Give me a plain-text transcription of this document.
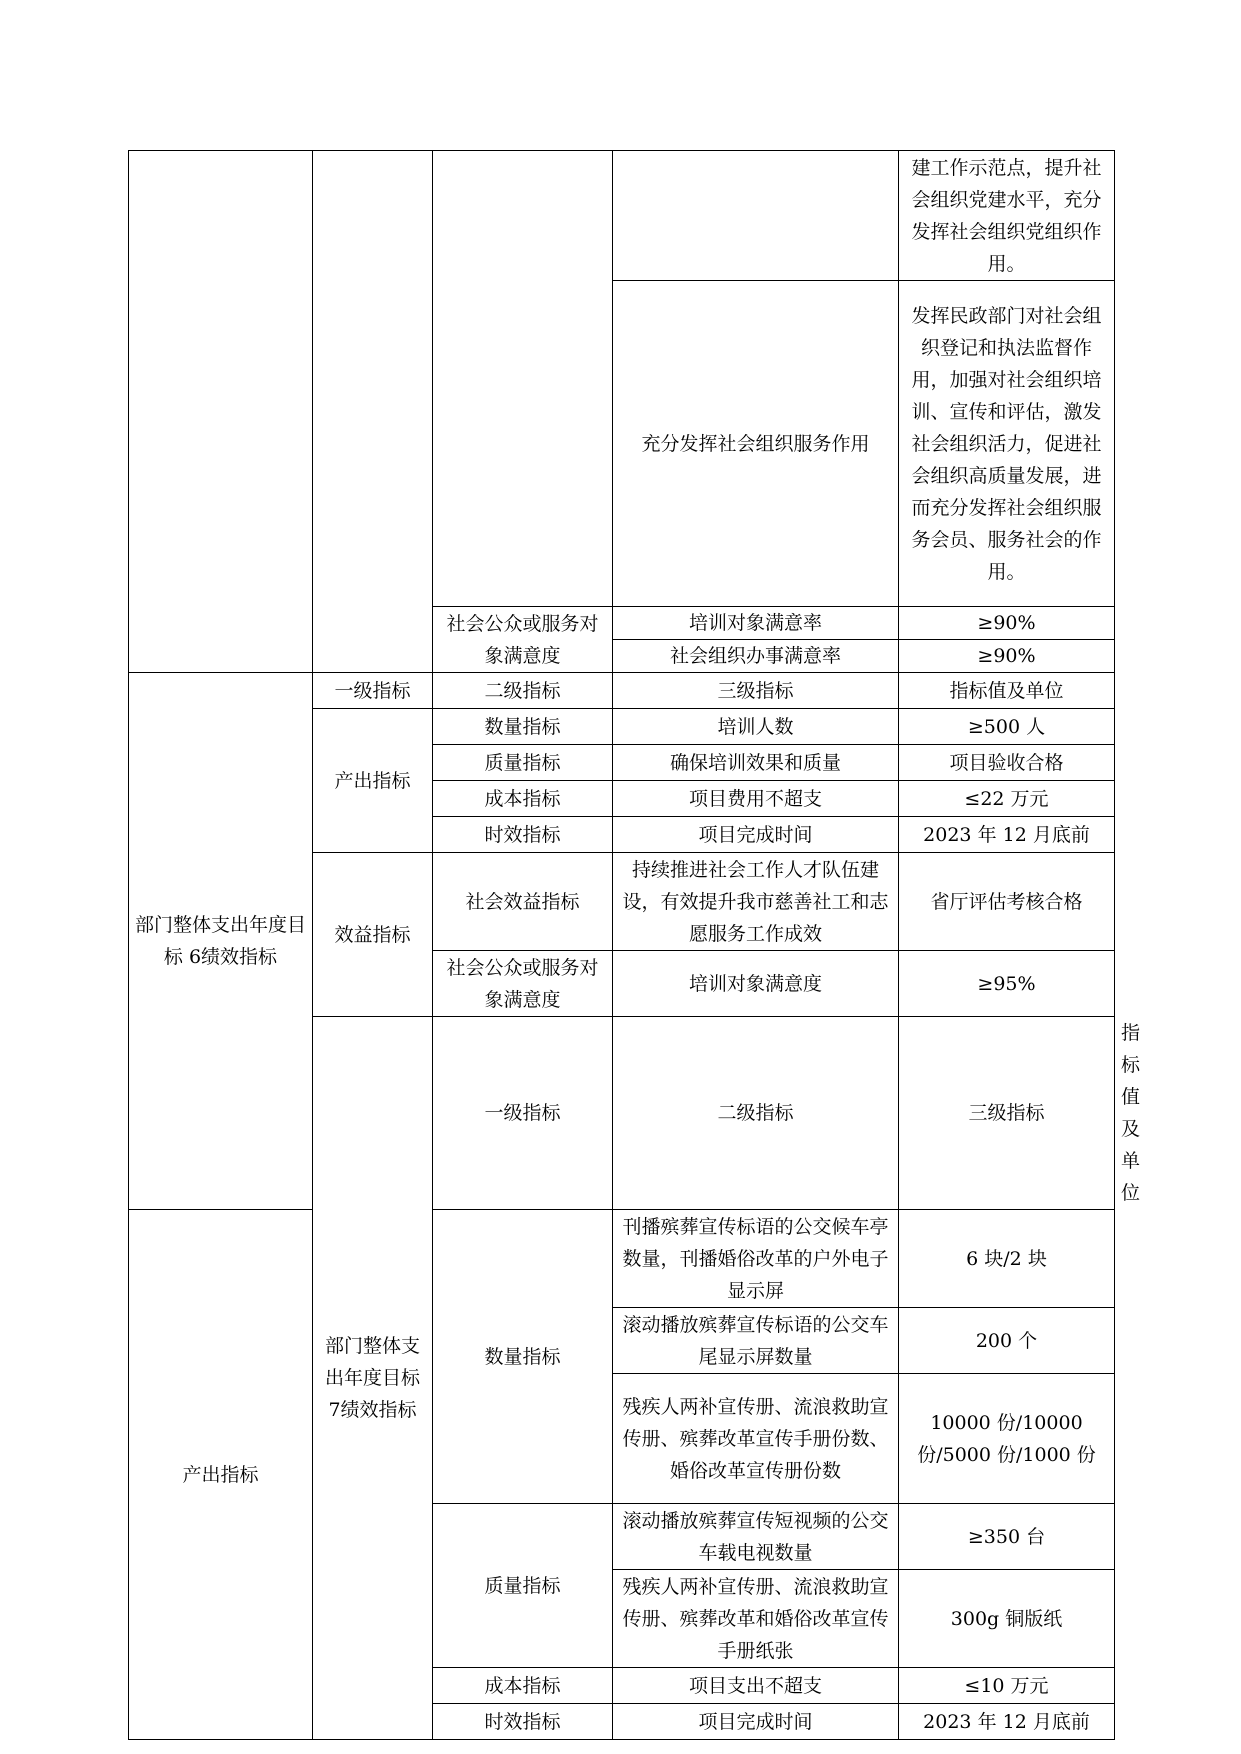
				建工作示范点，提升社会组织党建水平，充分发挥社会组织党组织作用。	
			充分发挥社会组织服务作用	发挥民政部门对社会组织登记和执法监督作用，加强对社会组织培训、宣传和评估，激发社会组织活力，促进社会组织高质量发展，进而充分发挥社会组织服务会员、服务社会的作用。	
		社会公众或服务对象满意度	培训对象满意率	≥90%	
			社会组织办事满意率	≥90%	
部门整体支出年度目标 6绩效指标	一级指标	二级指标	三级指标	指标值及单位	
	产出指标	数量指标	培训人数	≥500 人	
		质量指标	确保培训效果和质量	项目验收合格	
		成本指标	项目费用不超支	≤22 万元	
		时效指标	项目完成时间	2023 年 12 月底前	
	效益指标	社会效益指标	持续推进社会工作人才队伍建设，有效提升我市慈善社工和志愿服务工作成效	省厅评估考核合格	
		社会公众或服务对象满意度	培训对象满意度	≥95%	
	部门整体支出年度目标 7绩效指标	一级指标	二级指标	三级指标	指标值及单位
产出指标		数量指标	刊播殡葬宣传标语的公交候车亭数量，刊播婚俗改革的户外电子显示屏	6 块/2 块	
			滚动播放殡葬宣传标语的公交车尾显示屏数量	200 个	
			残疾人两补宣传册、流浪救助宣传册、殡葬改革宣传手册份数、婚俗改革宣传册份数	10000 份/10000 份/5000 份/1000 份	
		质量指标	滚动播放殡葬宣传短视频的公交车载电视数量	≥350 台	
			残疾人两补宣传册、流浪救助宣传册、殡葬改革和婚俗改革宣传手册纸张	300g 铜版纸	
		成本指标	项目支出不超支	≤10 万元	
		时效指标	项目完成时间	2023 年 12 月底前	
